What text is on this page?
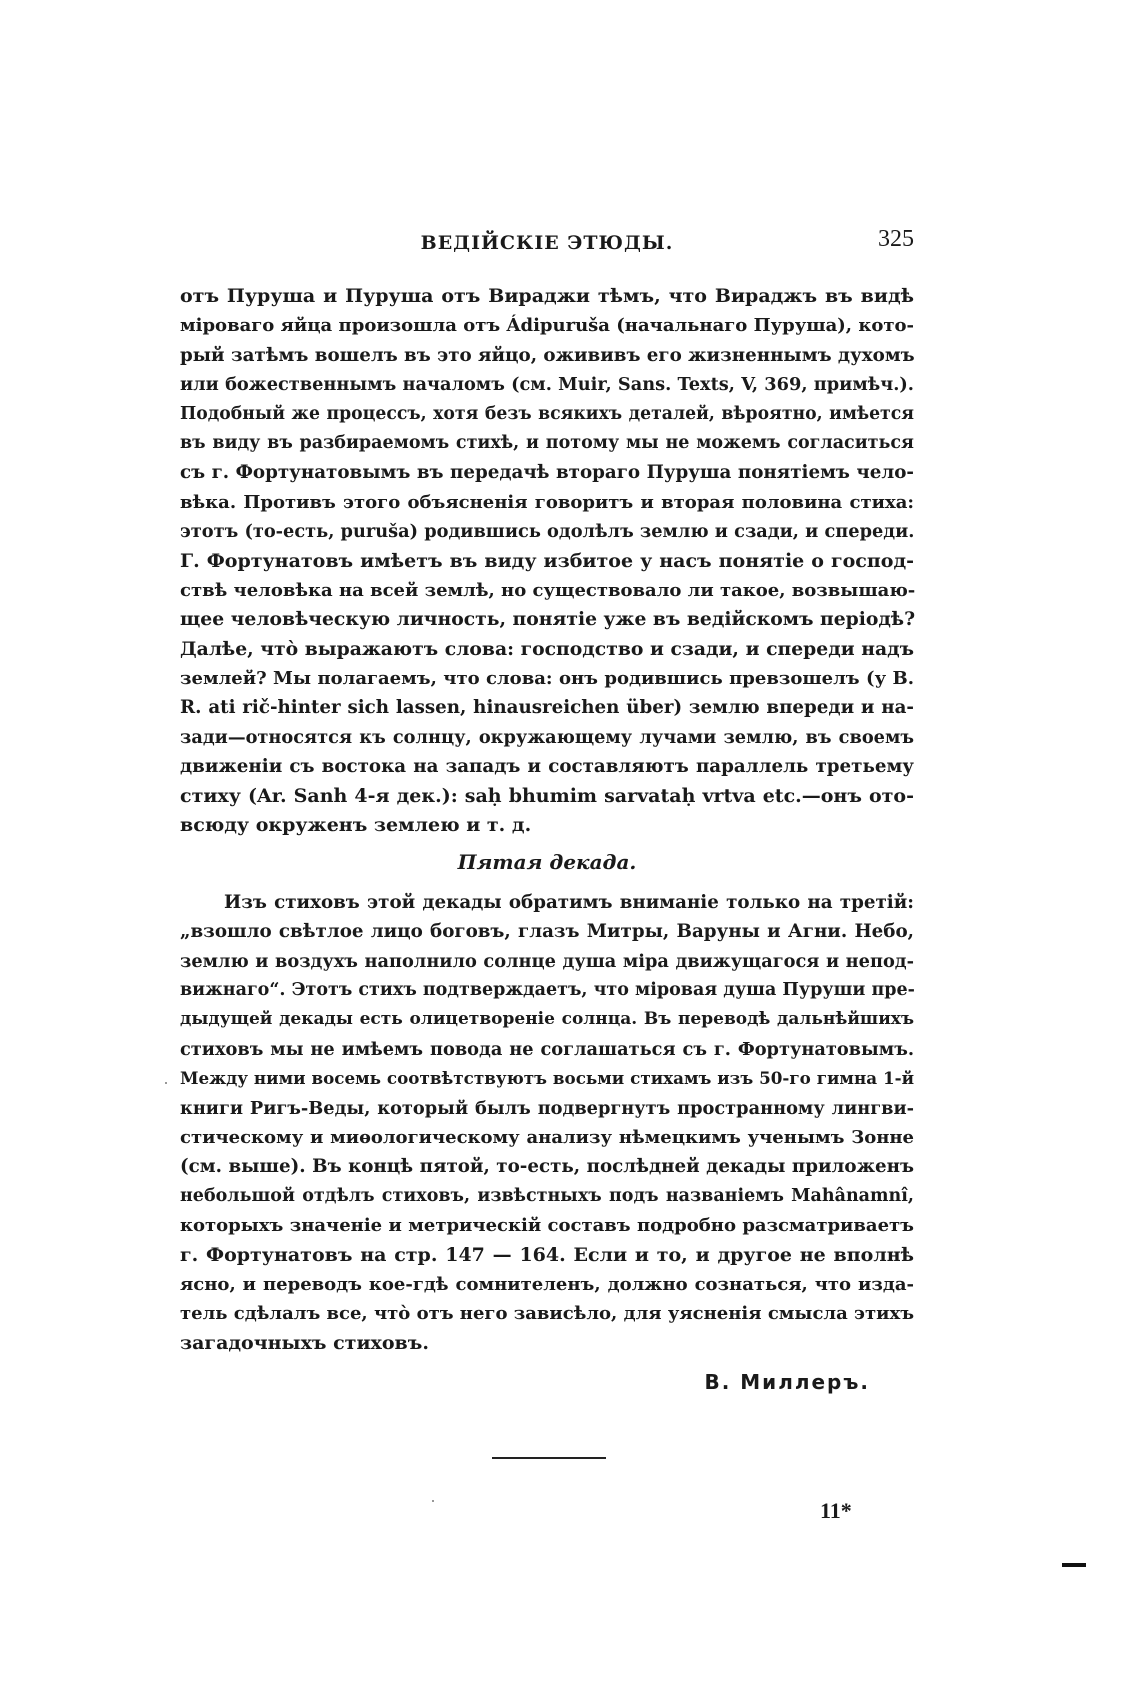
ВЕДІЙСКІЕ ЭТЮДЫ.	325
отъ Пуруша и Пуруша отъ Вираджи тѣмъ, что Вираджъ въ видѣ
міроваго яйца произошла отъ Ádipuruša (начальнаго Пуруша), кото-
рый затѣмъ вошелъ въ это яйцо, ожививъ его жизненнымъ духомъ
или божественнымъ началомъ (см. Muir, Sans. Texts, V, 369, примѣч.).
Подобный же процессъ, хотя безъ всякихъ деталей, вѣроятно, имѣется
въ виду въ разбираемомъ стихѣ, и потому мы не можемъ согласиться
съ г. Фортунатовымъ въ передачѣ втораго Пуруша понятіемъ чело-
вѣка. Противъ этого объясненія говоритъ и вторая половина стиха:
этотъ (то-есть, puruša) родившись одолѣлъ землю и сзади, и спереди.
Г. Фортунатовъ имѣетъ въ виду избитое у насъ понятіе о господ-
ствѣ человѣка на всей землѣ, но существовало ли такое, возвышаю-
щее человѣческую личность, понятіе уже въ ведійскомъ періодѣ?
Далѣе, что̀ выражаютъ слова: господство и сзади, и спереди надъ
землей? Мы полагаемъ, что слова: онъ родившись превзошелъ (у В.
R. ati rič-hinter sich lassen, hinausreichen über) землю впереди и на-
зади—относятся къ солнцу, окружающему лучами землю, въ своемъ
движеніи съ востока на западъ и составляютъ параллель третьему
стиху (Ar. Sanh 4-я дек.): saḥ bhumim sarvataḥ vrtva etc.—онъ ото-
всюду окруженъ землею и т. д.
Пятая декада.
Изъ стиховъ этой декады обратимъ вниманіе только на третій:
„взошло свѣтлое лицо боговъ, глазъ Митры, Варуны и Агни. Небо,
землю и воздухъ наполнило солнце душа міра движущагося и непод-
вижнаго“. Этотъ стихъ подтверждаетъ, что міровая душа Пуруши пре-
дыдущей декады есть олицетвореніе солнца. Въ переводѣ дальнѣйшихъ
стиховъ мы не имѣемъ повода не соглашаться съ г. Фортунатовымъ.
Между ними восемь соотвѣтствуютъ восьми стихамъ изъ 50-го гимна 1-й
книги Ригъ-Веды, который былъ подвергнутъ пространному лингви-
стическому и миѳологическому анализу нѣмецкимъ ученымъ Зонне
(см. выше). Въ концѣ пятой, то-есть, послѣдней декады приложенъ
небольшой отдѣлъ стиховъ, извѣстныхъ подъ названіемъ Mahânamnî,
которыхъ значеніе и метрическій составъ подробно разсматриваетъ
г. Фортунатовъ на стр. 147 — 164. Если и то, и другое не вполнѣ
ясно, и переводъ кое-гдѣ сомнителенъ, должно сознаться, что изда-
тель сдѣлалъ все, что̀ отъ него зависѣло, для уясненія смысла этихъ
загадочныхъ стиховъ.
В. Миллеръ.
11*
